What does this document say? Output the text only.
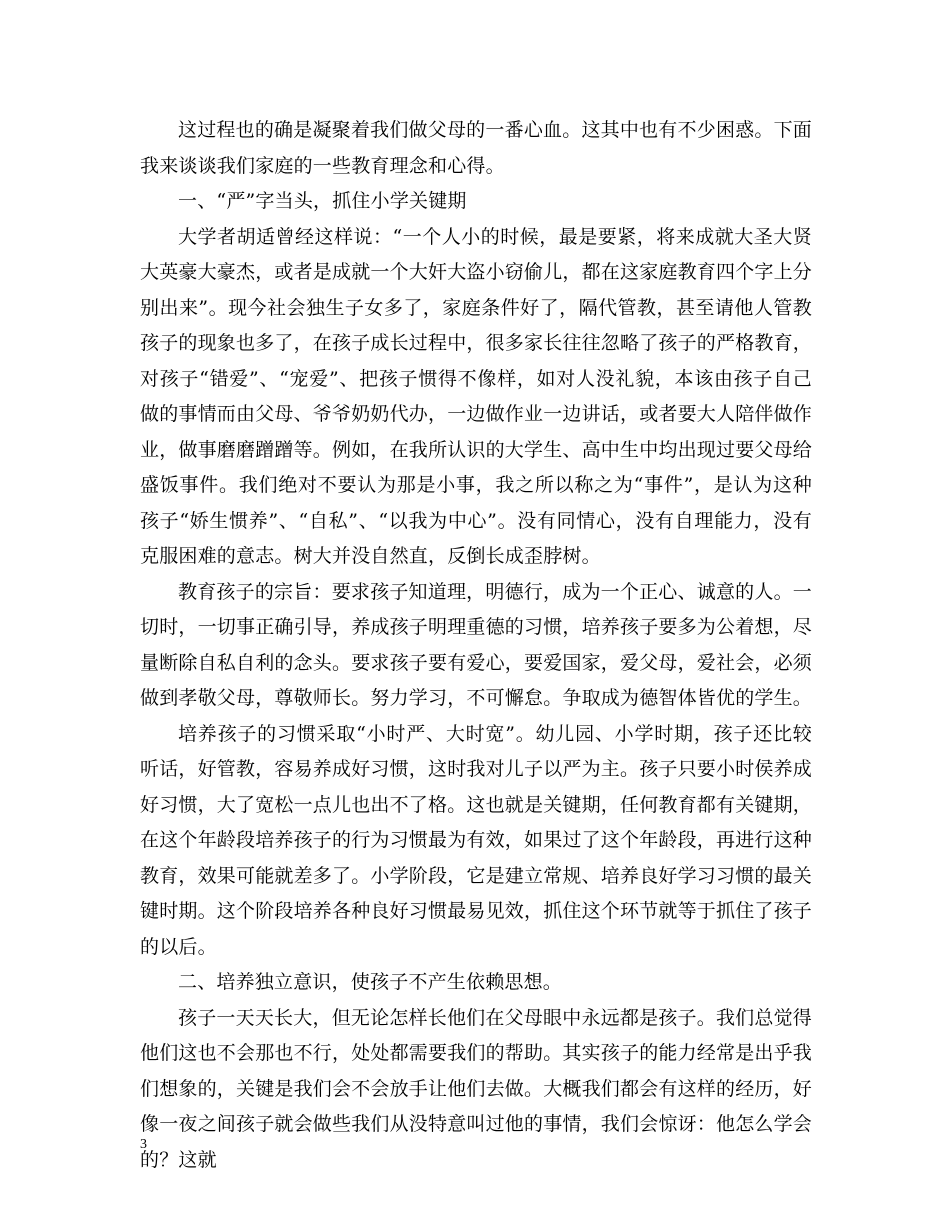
这过程也的确是凝聚着我们做父母的一番心血。这其中也有不少困惑。下面我来谈谈我们家庭的一些教育理念和心得。

一、“严”字当头，抓住小学关键期

大学者胡适曾经这样说：“一个人小的时候，最是要紧，将来成就大圣大贤大英豪大豪杰，或者是成就一个大奸大盗小窃偷儿，都在这家庭教育四个字上分别出来”。现今社会独生子女多了，家庭条件好了，隔代管教，甚至请他人管教孩子的现象也多了，在孩子成长过程中，很多家长往往忽略了孩子的严格教育，对孩子“错爱”、“宠爱”、把孩子惯得不像样，如对人没礼貌，本该由孩子自己做的事情而由父母、爷爷奶奶代办，一边做作业一边讲话，或者要大人陪伴做作业，做事磨磨蹭蹭等。例如，在我所认识的大学生、高中生中均出现过要父母给盛饭事件。我们绝对不要认为那是小事，我之所以称之为“事件”，是认为这种孩子“娇生惯养”、“自私”、“以我为中心”。没有同情心，没有自理能力，没有克服困难的意志。树大并没自然直，反倒长成歪脖树。

教育孩子的宗旨：要求孩子知道理，明德行，成为一个正心、诚意的人。一切时，一切事正确引导，养成孩子明理重德的习惯，培养孩子要多为公着想，尽量断除自私自利的念头。要求孩子要有爱心，要爱国家，爱父母，爱社会，必须做到孝敬父母，尊敬师长。努力学习，不可懈怠。争取成为德智体皆优的学生。

培养孩子的习惯采取“小时严、大时宽”。幼儿园、小学时期，孩子还比较听话，好管教，容易养成好习惯，这时我对儿子以严为主。孩子只要小时侯养成好习惯，大了宽松一点儿也出不了格。这也就是关键期，任何教育都有关键期，在这个年龄段培养孩子的行为习惯最为有效，如果过了这个年龄段，再进行这种教育，效果可能就差多了。小学阶段，它是建立常规、培养良好学习习惯的最关键时期。这个阶段培养各种良好习惯最易见效，抓住这个环节就等于抓住了孩子的以后。

二、培养独立意识，使孩子不产生依赖思想。

孩子一天天长大，但无论怎样长他们在父母眼中永远都是孩子。我们总觉得他们这也不会那也不行，处处都需要我们的帮助。其实孩子的能力经常是出乎我们想象的，关键是我们会不会放手让他们去做。大概我们都会有这样的经历，好像一夜之间孩子就会做些我们从没特意叫过他的事情，我们会惊讶：他怎么学会的？这就

3
